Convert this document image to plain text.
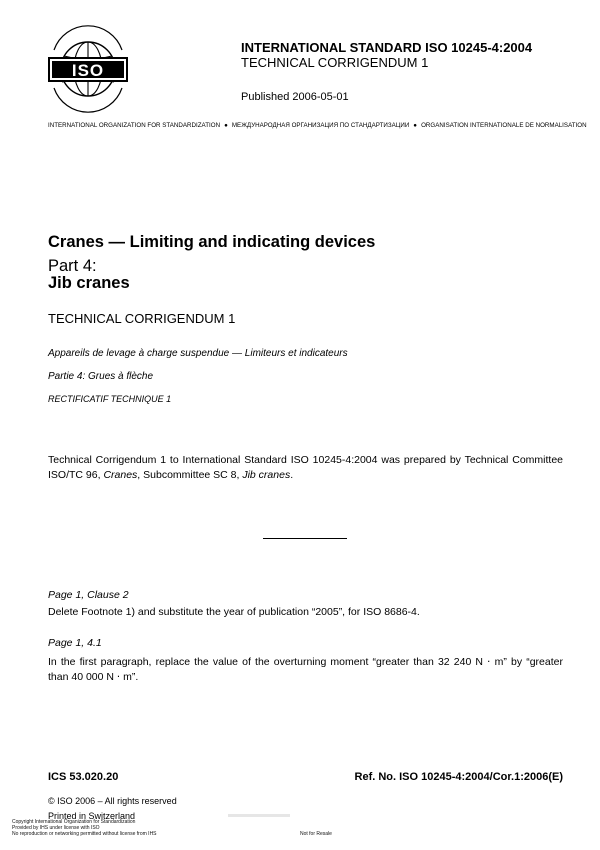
ISO
INTERNATIONAL STANDARD ISO 10245-4:2004
TECHNICAL CORRIGENDUM 1
Published 2006-05-01
INTERNATIONAL ORGANIZATION FOR STANDARDIZATION ● МЕЖДУНАРОДНАЯ ОРГАНИЗАЦИЯ ПО СТАНДАРТИЗАЦИИ ● ORGANISATION INTERNATIONALE DE NORMALISATION
Cranes — Limiting and indicating devices
Part 4:
Jib cranes
TECHNICAL CORRIGENDUM 1
Appareils de levage à charge suspendue — Limiteurs et indicateurs
Partie 4: Grues à flèche
RECTIFICATIF TECHNIQUE 1
Technical Corrigendum 1 to International Standard ISO 10245-4:2004 was prepared by Technical Committee ISO/TC 96, Cranes, Subcommittee SC 8, Jib cranes.
Page 1, Clause 2
Delete Footnote 1) and substitute the year of publication “2005”, for ISO 8686-4.
Page 1, 4.1
In the first paragraph, replace the value of the overturning moment “greater than 32 240 N ⋅ m” by “greater than 40 000 N ⋅ m”.
ICS 53.020.20	Ref. No. ISO 10245-4:2004/Cor.1:2006(E)
© ISO 2006 – All rights reserved
Printed in Switzerland
Copyright International Organization for Standardization
Provided by IHS under license with ISO
No reproduction or networking permitted without license from IHS	Not for Resale
